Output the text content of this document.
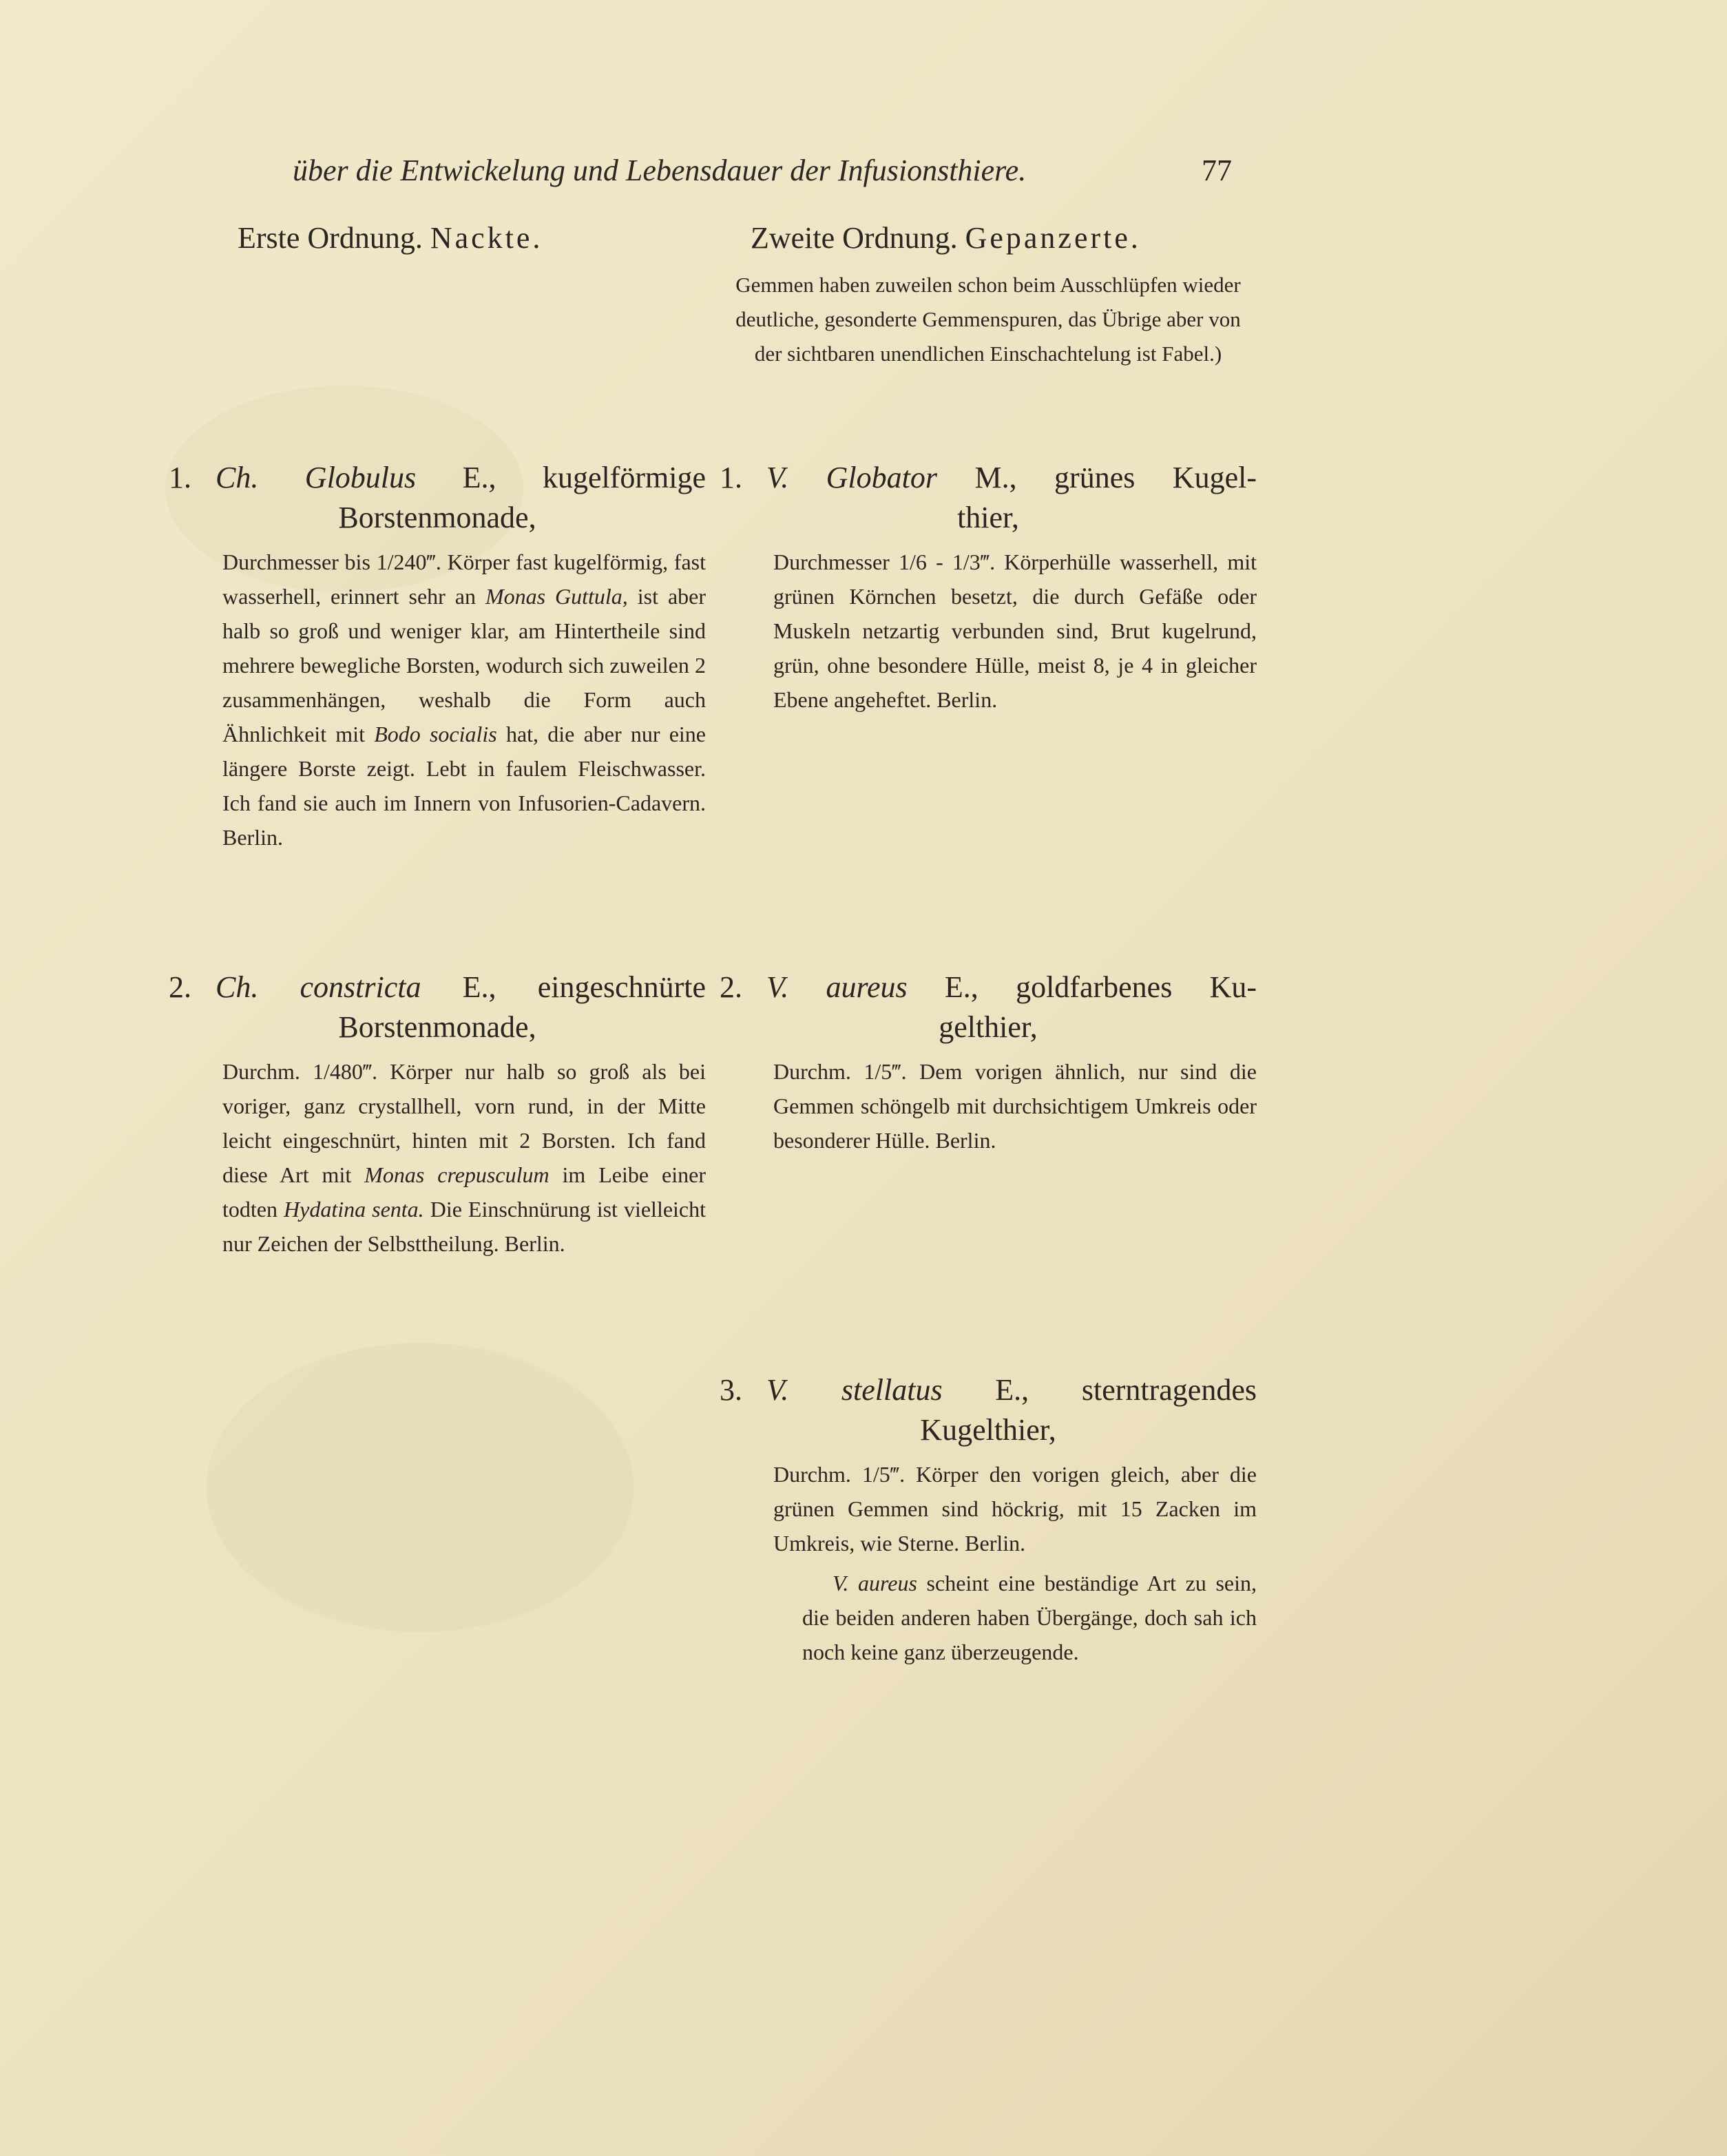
über die Entwickelung und Lebensdauer der Infusionsthiere.	77
Erste Ordnung. Nackte.
1. Ch. Globulus E., kugelförmige
Borstenmonade,

Durchmesser bis 1/240‴. Körper fast kugelförmig, fast wasserhell, erinnert sehr an Monas Guttula, ist aber halb so groß und weniger klar, am Hintertheile sind mehrere bewegliche Borsten, wodurch sich zuweilen 2 zusammenhängen, weshalb die Form auch Ähnlichkeit mit Bodo socialis hat, die aber nur eine längere Borste zeigt. Lebt in faulem Fleischwasser. Ich fand sie auch im Innern von Infusorien-Cadavern. Berlin.

2. Ch. constricta E., eingeschnürte
Borstenmonade,

Durchm. 1/480‴. Körper nur halb so groß als bei voriger, ganz crystallhell, vorn rund, in der Mitte leicht eingeschnürt, hinten mit 2 Borsten. Ich fand diese Art mit Monas crepusculum im Leibe einer todten Hydatina senta. Die Einschnürung ist vielleicht nur Zeichen der Selbsttheilung. Berlin.

Zweite Ordnung. Gepanzerte.

Gemmen haben zuweilen schon beim Ausschlüpfen wieder deutliche, gesonderte Gemmenspuren, das Übrige aber von der sichtbaren unendlichen Einschachtelung ist Fabel.)

1. V. Globator M., grünes Kugel-
thier,

Durchmesser 1/6 - 1/3‴. Körperhülle wasserhell, mit grünen Körnchen besetzt, die durch Gefäße oder Muskeln netzartig verbunden sind, Brut kugelrund, grün, ohne besondere Hülle, meist 8, je 4 in gleicher Ebene angeheftet. Berlin.

2. V. aureus E., goldfarbenes Ku-
gelthier,

Durchm. 1/5‴. Dem vorigen ähnlich, nur sind die Gemmen schöngelb mit durchsichtigem Umkreis oder besonderer Hülle. Berlin.

3. V. stellatus E., sterntragendes
Kugelthier,

Durchm. 1/5‴. Körper den vorigen gleich, aber die grünen Gemmen sind höckrig, mit 15 Zacken im Umkreis, wie Sterne. Berlin.

V. aureus scheint eine beständige Art zu sein, die beiden anderen haben Übergänge, doch sah ich noch keine ganz überzeugende.
